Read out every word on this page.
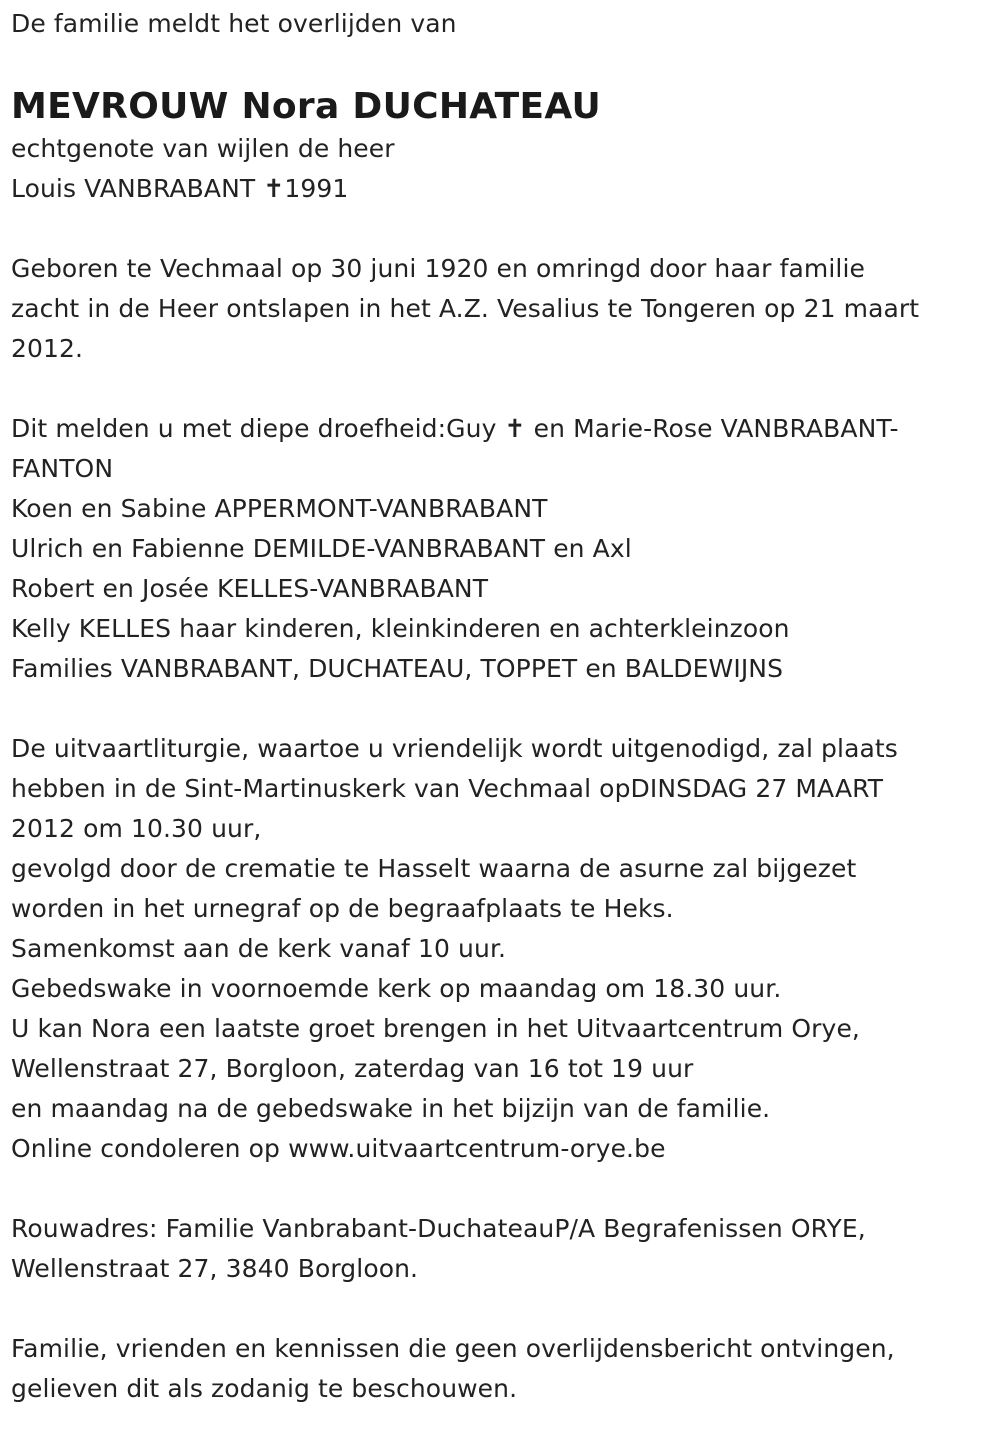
De familie meldt het overlijden van
MEVROUW Nora DUCHATEAU
echtgenote van wijlen de heer
Louis VANBRABANT ✝1991
Geboren te Vechmaal op 30 juni 1920 en omringd door haar familie
zacht in de Heer ontslapen in het A.Z. Vesalius te Tongeren op 21 maart
2012.
Dit melden u met diepe droefheid:Guy ✝ en Marie-Rose VANBRABANT-
FANTON
Koen en Sabine APPERMONT-VANBRABANT
Ulrich en Fabienne DEMILDE-VANBRABANT en Axl
Robert en Josée KELLES-VANBRABANT
Kelly KELLES haar kinderen, kleinkinderen en achterkleinzoon
Families VANBRABANT, DUCHATEAU, TOPPET en BALDEWIJNS
De uitvaartliturgie, waartoe u vriendelijk wordt uitgenodigd, zal plaats
hebben in de Sint-Martinuskerk van Vechmaal opDINSDAG 27 MAART
2012 om 10.30 uur,
gevolgd door de crematie te Hasselt waarna de asurne zal bijgezet
worden in het urnegraf op de begraafplaats te Heks.
Samenkomst aan de kerk vanaf 10 uur.
Gebedswake in voornoemde kerk op maandag om 18.30 uur.
U kan Nora een laatste groet brengen in het Uitvaartcentrum Orye,
Wellenstraat 27, Borgloon, zaterdag van 16 tot 19 uur
en maandag na de gebedswake in het bijzijn van de familie.
Online condoleren op www.uitvaartcentrum-orye.be
Rouwadres: Familie Vanbrabant-DuchateauP/A Begrafenissen ORYE,
Wellenstraat 27, 3840 Borgloon.
Familie, vrienden en kennissen die geen overlijdensbericht ontvingen,
gelieven dit als zodanig te beschouwen.
